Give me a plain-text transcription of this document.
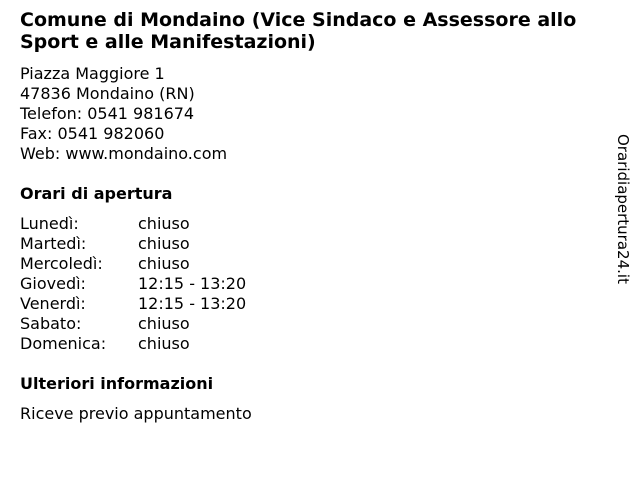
Comune di Mondaino (Vice Sindaco e Assessore allo Sport e alle Manifestazioni)
Piazza Maggiore 1
47836 Mondaino (RN)
Telefon: 0541 981674
Fax: 0541 982060
Web: www.mondaino.com
Orari di apertura
Lunedì:	chiuso
Martedì:	chiuso
Mercoledì: chiuso
Giovedì:	12:15 - 13:20
Venerdì:	12:15 - 13:20
Sabato:	chiuso
Domenica: chiuso
Ulteriori informazioni
Riceve previo appuntamento
Oraridiapertura24.it
